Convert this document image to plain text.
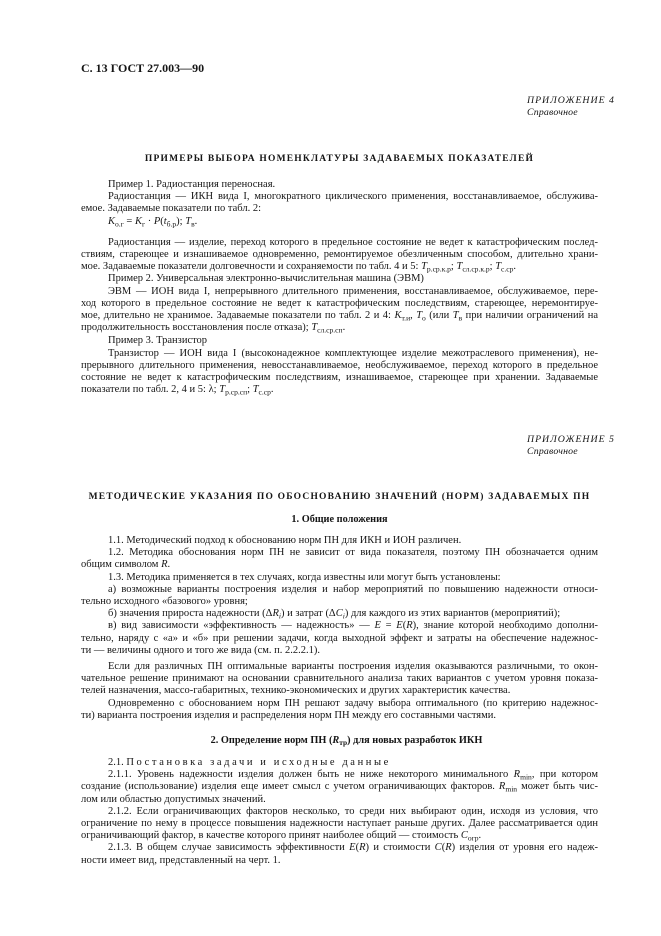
С. 13 ГОСТ 27.003—90
ПРИЛОЖЕНИЕ 4
Справочное
ПРИМЕРЫ ВЫБОРА НОМЕНКЛАТУРЫ ЗАДАВАЕМЫХ ПОКАЗАТЕЛЕЙ
Пример 1. Радиостанция переносная.
Радиостанция — ИКН вида I, многократного циклического применения, восстанавливаемое, обслужива-
емое. Задаваемые показатели по табл. 2:
$K_{о.г} = K_г \cdot P(t_{б.р})$; $T_в$.
Радиостанция — изделие, переход которого в предельное состояние не ведет к катастрофическим послед-
ствиям, стареющее и изнашиваемое одновременно, ремонтируемое обезличенным способом, длительно храни-
мое. Задаваемые показатели долговечности и сохраняемости по табл. 4 и 5: $T_{р.ср.к.р}$; $T_{сл.ср.к.р}$; $T_{с.ср}$.
Пример 2. Универсальная электронно-вычислительная машина (ЭВМ)
ЭВМ — ИОН вида I, непрерывного длительного применения, восстанавливаемое, обслуживаемое, пере-
ход которого в предельное состояние не ведет к катастрофическим последствиям, стареющее, неремонтируе-
мое, длительно не хранимое. Задаваемые показатели по табл. 2 и 4: $K_{т.и}$, $T_о$ (или $T_в$ при наличии ограничений на
продолжительность восстановления после отказа); $T_{сл.ср.сп}$.
Пример 3. Транзистор
Транзистор — ИОН вида I (высоконадежное комплектующее изделие межотраслевого применения), не-
прерывного длительного применения, невосстанавливаемое, необслуживаемое, переход которого в предельное
состояние не ведет к катастрофическим последствиям, изнашиваемое, стареющее при хранении. Задаваемые
показатели по табл. 2, 4 и 5: λ; $T_{р.ср.сп}$; $T_{с.ср}$.
ПРИЛОЖЕНИЕ 5
Справочное
МЕТОДИЧЕСКИЕ УКАЗАНИЯ ПО ОБОСНОВАНИЮ ЗНАЧЕНИЙ (НОРМ) ЗАДАВАЕМЫХ ПН
1. Общие положения
1.1. Методический подход к обоснованию норм ПН для ИКН и ИОН различен.
1.2. Методика обоснования норм ПН не зависит от вида показателя, поэтому ПН обозначается одним
общим символом R.
1.3. Методика применяется в тех случаях, когда известны или могут быть установлены:
а) возможные варианты построения изделия и набор мероприятий по повышению надежности относи-
тельно исходного «базового» уровня;
б) значения прироста надежности $(\Delta R_i)$ и затрат $(\Delta C_i)$ для каждого из этих вариантов (мероприятий);
в) вид зависимости «эффективность — надежность» — E = E(R), знание которой необходимо дополни-
тельно, наряду с «а» и «б» при решении задачи, когда выходной эффект и затраты на обеспечение надежнос-
ти — величины одного и того же вида (см. п. 2.2.2.1).
Если для различных ПН оптимальные варианты построения изделия оказываются различными, то окон-
чательное решение принимают на основании сравнительного анализа таких вариантов с учетом уровня показа-
телей назначения, массо-габаритных, технико-экономических и других характеристик качества.
Одновременно с обоснованием норм ПН решают задачу выбора оптимального (по критерию надежнос-
ти) варианта построения изделия и распределения норм ПН между его составными частями.
2. Определение норм ПН $(R_{тр})$ для новых разработок ИКН
2.1. Постановка задачи и исходные данные
2.1.1. Уровень надежности изделия должен быть не ниже некоторого минимального $R_{min}$, при котором
создание (использование) изделия еще имеет смысл с учетом ограничивающих факторов. $R_{min}$ может быть чис-
лом или областью допустимых значений.
2.1.2. Если ограничивающих факторов несколько, то среди них выбирают один, исходя из условия, что
ограничение по нему в процессе повышения надежности наступает раньше других. Далее рассматривается один
ограничивающий фактор, в качестве которого принят наиболее общий — стоимость $C_{огр}$.
2.1.3. В общем случае зависимость эффективности E(R) и стоимости C(R) изделия от уровня его надеж-
ности имеет вид, представленный на черт. 1.
